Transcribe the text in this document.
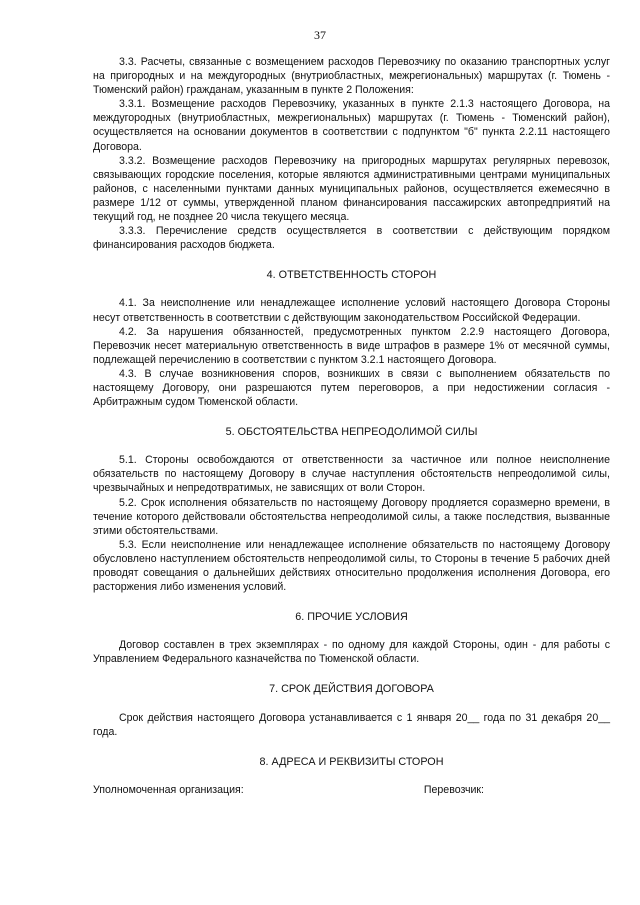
37

3.3. Расчеты, связанные с возмещением расходов Перевозчику по оказанию транспортных услуг на пригородных и на междугородных (внутриобластных, межрегиональных) маршрутах (г. Тюмень - Тюменский район) гражданам, указанным в пункте 2 Положения:

3.3.1. Возмещение расходов Перевозчику, указанных в пункте 2.1.3 настоящего Договора, на междугородных (внутриобластных, межрегиональных) маршрутах (г. Тюмень - Тюменский район), осуществляется на основании документов в соответствии с подпунктом "б" пункта 2.2.11 настоящего Договора.

3.3.2. Возмещение расходов Перевозчику на пригородных маршрутах регулярных перевозок, связывающих городские поселения, которые являются административными центрами муниципальных районов, с населенными пунктами данных муниципальных районов, осуществляется ежемесячно в размере 1/12 от суммы, утвержденной планом финансирования пассажирских автопредприятий на текущий год, не позднее 20 числа текущего месяца.

3.3.3. Перечисление средств осуществляется в соответствии с действующим порядком финансирования расходов бюджета.

4. ОТВЕТСТВЕННОСТЬ СТОРОН

4.1. За неисполнение или ненадлежащее исполнение условий настоящего Договора Стороны несут ответственность в соответствии с действующим законодательством Российской Федерации.

4.2. За нарушения обязанностей, предусмотренных пунктом 2.2.9 настоящего Договора, Перевозчик несет материальную ответственность в виде штрафов в размере 1% от месячной суммы, подлежащей перечислению в соответствии с пунктом 3.2.1 настоящего Договора.

4.3. В случае возникновения споров, возникших в связи с выполнением обязательств по настоящему Договору, они разрешаются путем переговоров, а при недостижении согласия - Арбитражным судом Тюменской области.

5. ОБСТОЯТЕЛЬСТВА НЕПРЕОДОЛИМОЙ СИЛЫ

5.1. Стороны освобождаются от ответственности за частичное или полное неисполнение обязательств по настоящему Договору в случае наступления обстоятельств непреодолимой силы, чрезвычайных и непредотвратимых, не зависящих от воли Сторон.

5.2. Срок исполнения обязательств по настоящему Договору продляется соразмерно времени, в течение которого действовали обстоятельства непреодолимой силы, а также последствия, вызванные этими обстоятельствами.

5.3. Если неисполнение или ненадлежащее исполнение обязательств по настоящему Договору обусловлено наступлением обстоятельств непреодолимой силы, то Стороны в течение 5 рабочих дней проводят совещания о дальнейших действиях относительно продолжения исполнения Договора, его расторжения либо изменения условий.

6. ПРОЧИЕ УСЛОВИЯ

Договор составлен в трех экземплярах - по одному для каждой Стороны, один - для работы с Управлением Федерального казначейства по Тюменской области.

7. СРОК ДЕЙСТВИЯ ДОГОВОРА

Срок действия настоящего Договора устанавливается с 1 января 20__ года по 31 декабря 20__ года.

8. АДРЕСА И РЕКВИЗИТЫ СТОРОН
Уполномоченная организация:	Перевозчик:
